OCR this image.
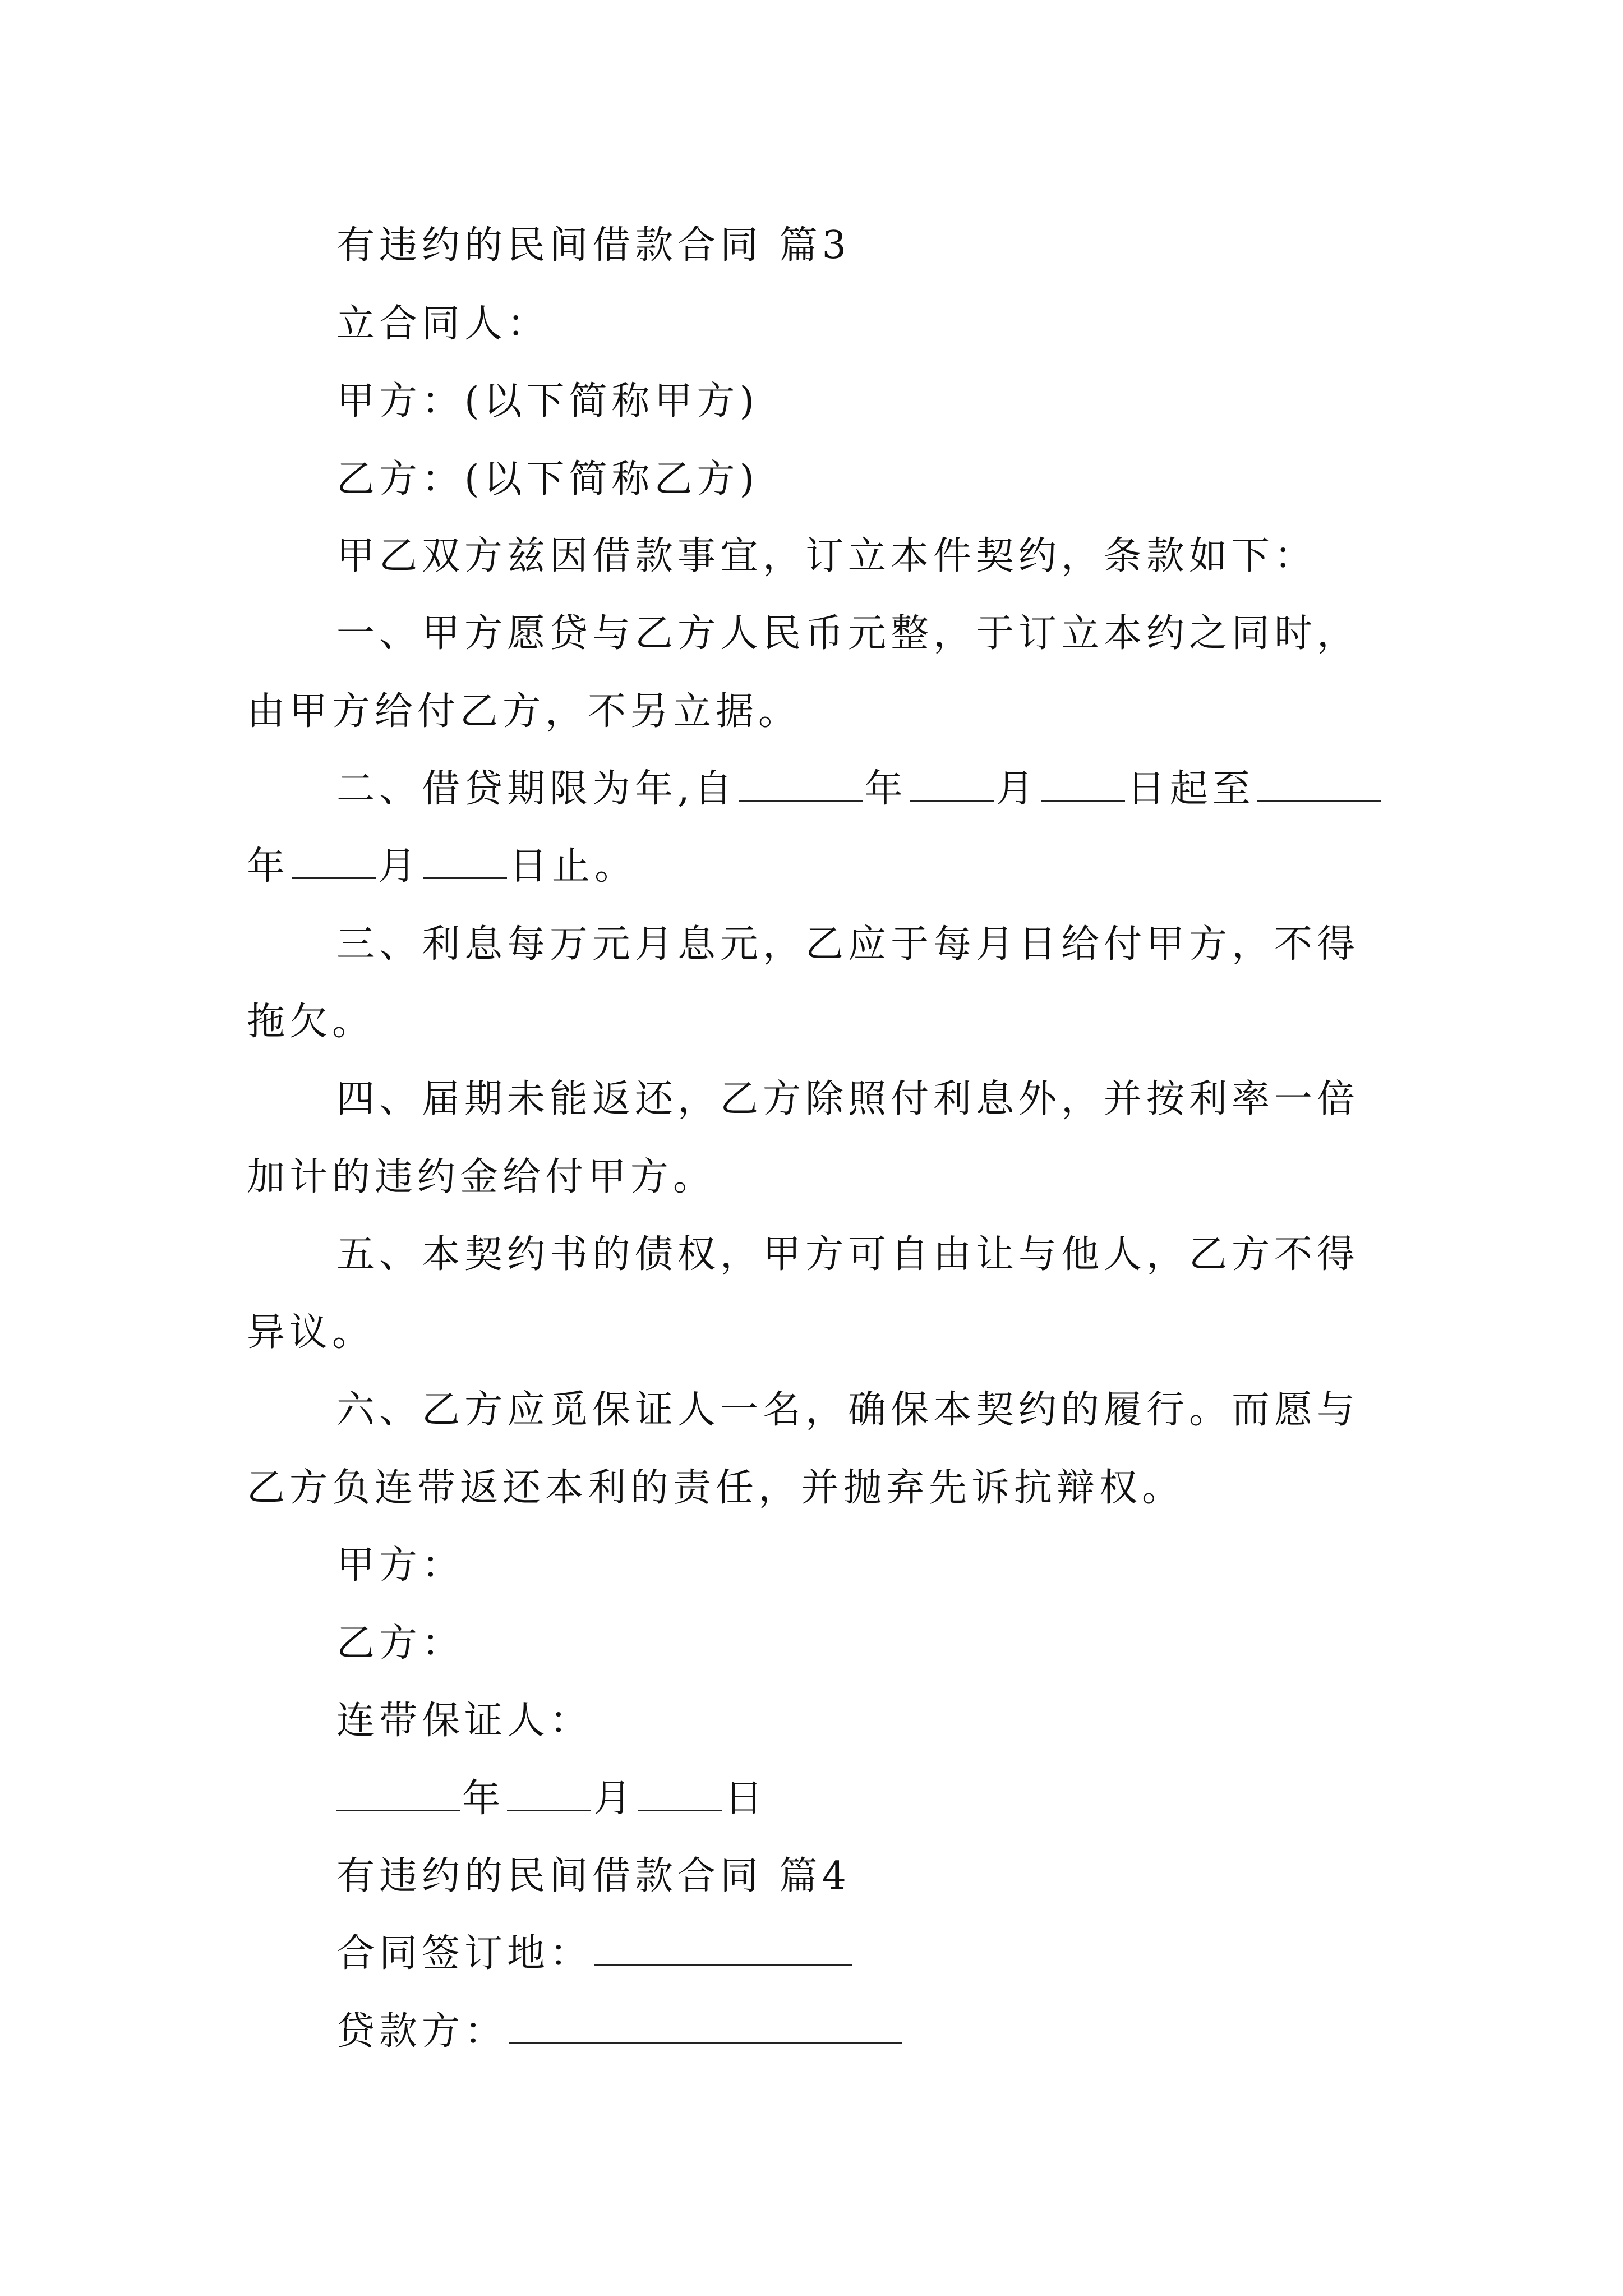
有违约的民间借款合同 篇3
立合同人：
甲方：(以下简称甲方)
乙方：(以下简称乙方)
甲乙双方兹因借款事宜，订立本件契约，条款如下：
一、甲方愿贷与乙方人民币元整，于订立本约之同时，
由甲方给付乙方，不另立据。
二、借贷期限为年,自	年 月 日起至
年 月 日止。
三、利息每万元月息元，乙应于每月日给付甲方，不得
拖欠。
四、届期未能返还，乙方除照付利息外，并按利率一倍
加计的违约金给付甲方。
五、本契约书的债权，甲方可自由让与他人，乙方不得
异议。
六、乙方应觅保证人一名，确保本契约的履行。而愿与
乙方负连带返还本利的责任，并抛弃先诉抗辩权。
甲方：
乙方：
连带保证人：
年 月 日
有违约的民间借款合同 篇4
合同签订地：
贷款方：
